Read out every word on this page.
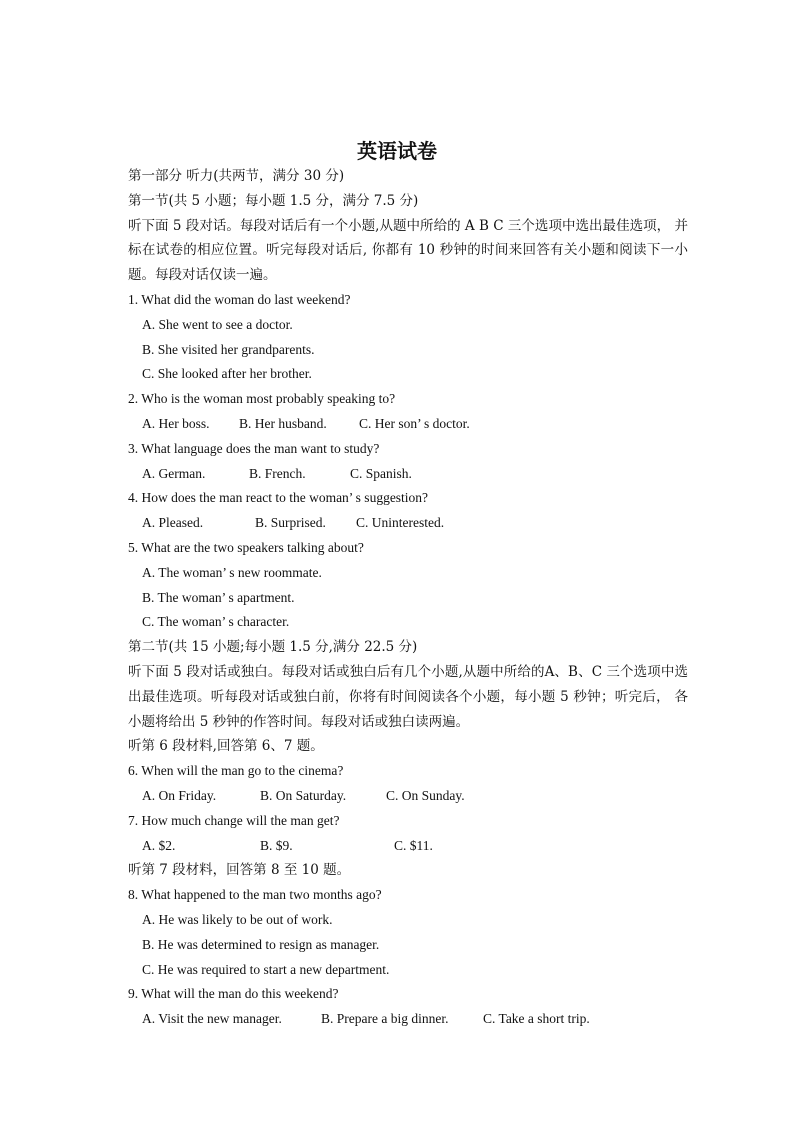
英语试卷
第一部分 听力(共两节，满分 30 分)
第一节(共 5 小题；每小题 1.5 分，满分 7.5 分)
听下面 5 段对话。每段对话后有一个小题,从题中所给的 A B C 三个选项中选出最佳选项， 并标在试卷的相应位置。听完每段对话后, 你都有 10 秒钟的时间来回答有关小题和阅读下一小题。每段对话仅读一遍。
1. What did the woman do last weekend?
A. She went to see a doctor.
B. She visited her grandparents.
C. She looked after her brother.
2. Who is the woman most probably speaking to?
A. Her boss.	B. Her husband.	C. Her son’ s doctor.
3. What language does the man want to study?
A. German.	B. French.	C. Spanish.
4. How does the man react to the woman’ s suggestion?
A. Pleased.	B. Surprised.	C. Uninterested.
5. What are the two speakers talking about?
A. The woman’ s new roommate.
B. The woman’ s apartment.
C. The woman’ s character.
第二节(共 15 小题;每小题 1.5 分,满分 22.5 分)
听下面 5 段对话或独白。每段对话或独白后有几个小题,从题中所给的A、B、C 三个选项中选出最佳选项。听每段对话或独白前，你将有时间阅读各个小题，每小题 5 秒钟；听完后， 各小题将给出 5 秒钟的作答时间。每段对话或独白读两遍。
听第 6 段材料,回答第 6、7 题。
6. When will the man go to the cinema?
A. On Friday.	B. On Saturday.	C. On Sunday.
7. How much change will the man get?
A. $2.	B. $9.	C. $11.
听第 7 段材料，回答第 8 至 10 题。
8. What happened to the man two months ago?
A. He was likely to be out of work.
B. He was determined to resign as manager.
C. He was required to start a new department.
9. What will the man do this weekend?
A. Visit the new manager.	B. Prepare a big dinner.	C. Take a short trip.
